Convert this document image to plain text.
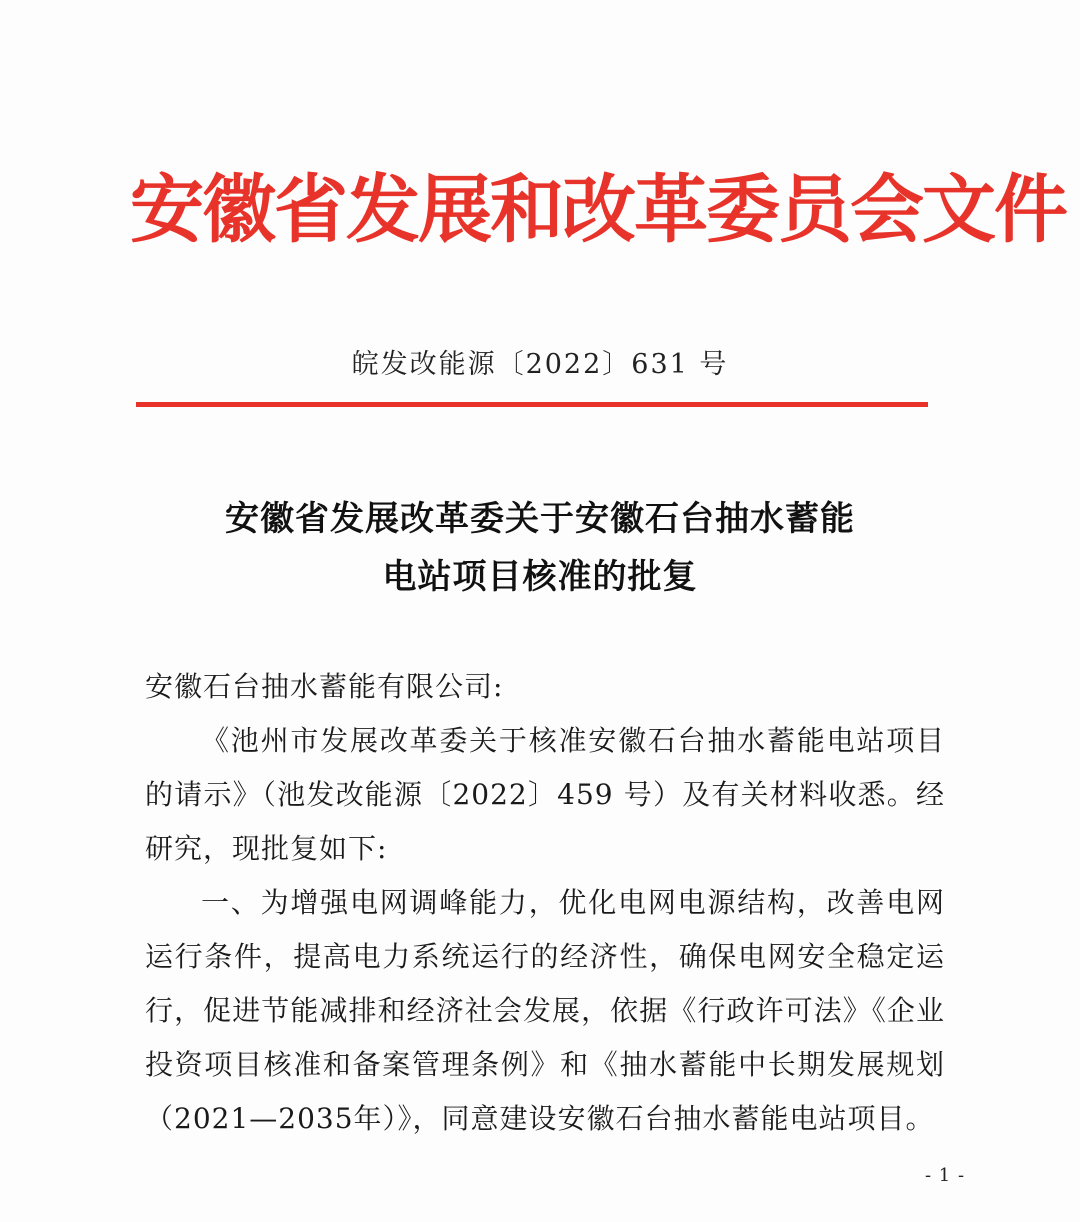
安徽省发展和改革委员会文件
皖发改能源〔2022〕631 号
安徽省发展改革委关于安徽石台抽水蓄能
电站项目核准的批复

安徽石台抽水蓄能有限公司:

《池州市发展改革委关于核准安徽石台抽水蓄能电站项目的请示》（池发改能源〔2022〕459 号）及有关材料收悉。经研究，现批复如下:

一、为增强电网调峰能力，优化电网电源结构，改善电网运行条件，提高电力系统运行的经济性，确保电网安全稳定运行，促进节能减排和经济社会发展，依据《行政许可法》《企业投资项目核准和备案管理条例》和《抽水蓄能中长期发展规划（2021—2035年）》，同意建设安徽石台抽水蓄能电站项目。

- 1 -
